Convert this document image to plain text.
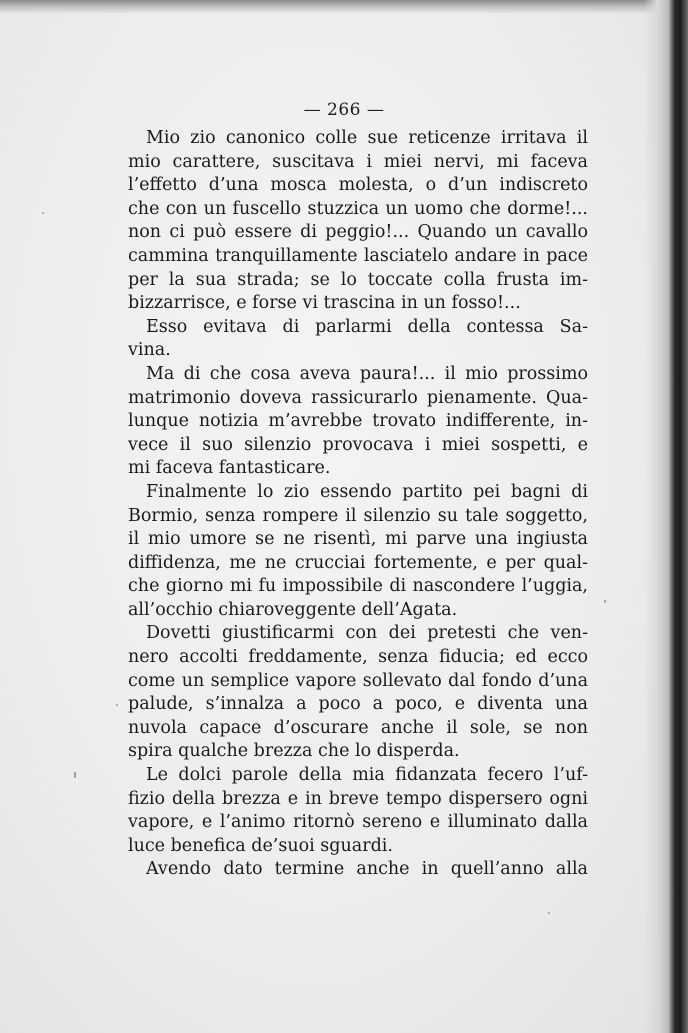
— 266 —

Mio zio canonico colle sue reticenze irritava il
mio carattere, suscitava i miei nervi, mi faceva
l’effetto d’una mosca molesta, o d’un indiscreto
che con un fuscello stuzzica un uomo che dorme!...
non ci può essere di peggio!... Quando un cavallo
cammina tranquillamente lasciatelo andare in pace
per la sua strada; se lo toccate colla frusta im-
bizzarrisce, e forse vi trascina in un fosso!...
Esso evitava di parlarmi della contessa Sa-
vina.
Ma di che cosa aveva paura!... il mio prossimo
matrimonio doveva rassicurarlo pienamente. Qua-
lunque notizia m’avrebbe trovato indifferente, in-
vece il suo silenzio provocava i miei sospetti, e
mi faceva fantasticare.
Finalmente lo zio essendo partito pei bagni di
Bormio, senza rompere il silenzio su tale soggetto,
il mio umore se ne risentì, mi parve una ingiusta
diffidenza, me ne crucciai fortemente, e per qual-
che giorno mi fu impossibile di nascondere l’uggia,
all’occhio chiaroveggente dell’Agata.
Dovetti giustificarmi con dei pretesti che ven-
nero accolti freddamente, senza fiducia; ed ecco
come un semplice vapore sollevato dal fondo d’una
palude, s’innalza a poco a poco, e diventa una
nuvola capace d’oscurare anche il sole, se non
spira qualche brezza che lo disperda.
Le dolci parole della mia fidanzata fecero l’uf-
fizio della brezza e in breve tempo dispersero ogni
vapore, e l’animo ritornò sereno e illuminato dalla
luce benefica de’suoi sguardi.
Avendo dato termine anche in quell’anno alla
